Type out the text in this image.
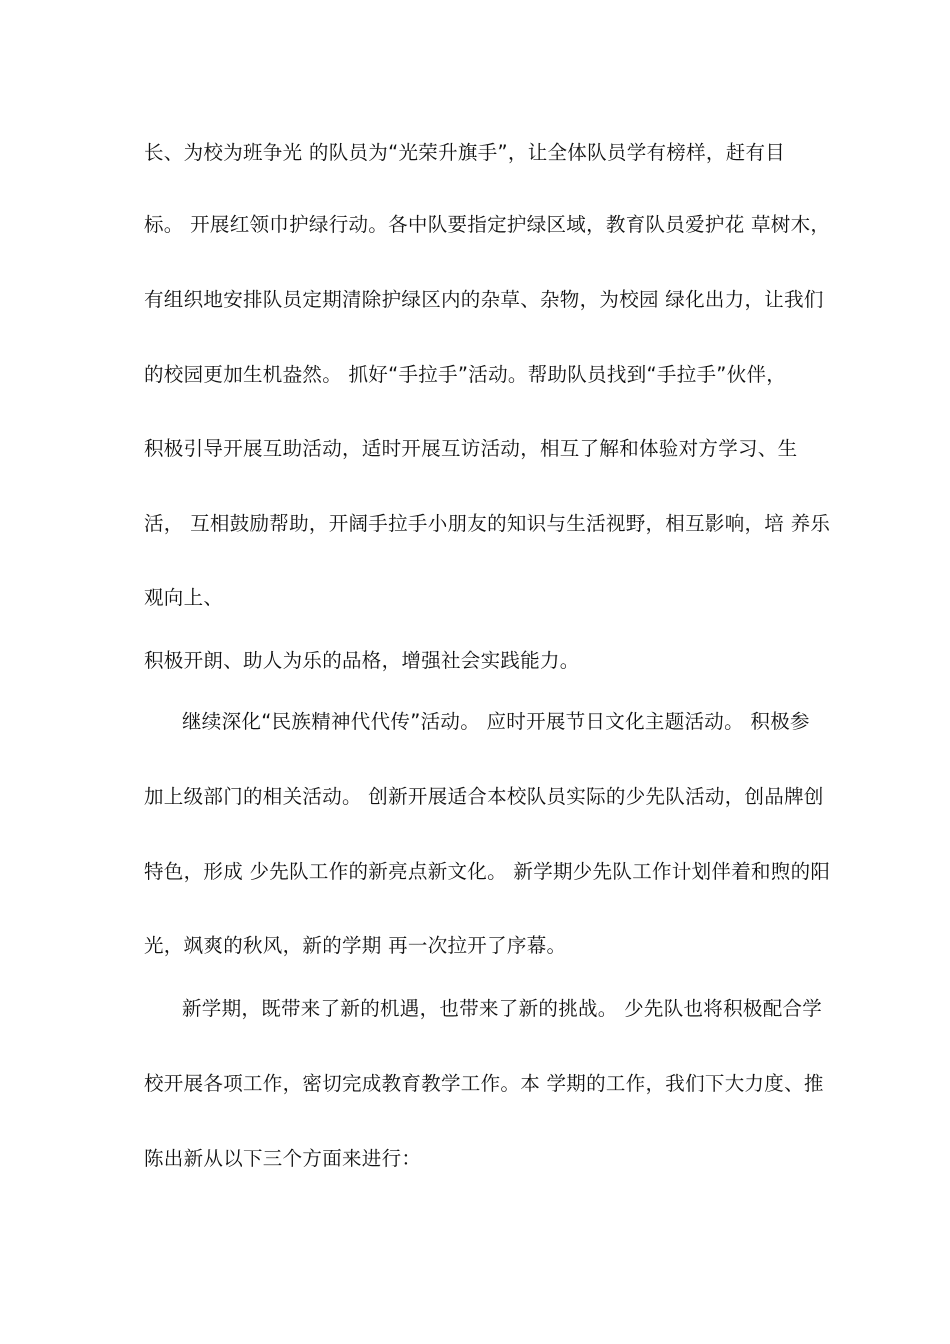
长、为校为班争光 的队员为“光荣升旗手”，让全体队员学有榜样，赶有目
标。 开展红领巾护绿行动。各中队要指定护绿区域，教育队员爱护花 草树木，
有组织地安排队员定期清除护绿区内的杂草、杂物，为校园 绿化出力，让我们
的校园更加生机盎然。 抓好“手拉手”活动。帮助队员找到“手拉手”伙伴，
积极引导开展互助活动，适时开展互访活动，相互了解和体验对方学习、生
活， 互相鼓励帮助，开阔手拉手小朋友的知识与生活视野，相互影响，培 养乐
观向上、
积极开朗、助人为乐的品格，增强社会实践能力。
继续深化“民族精神代代传”活动。 应时开展节日文化主题活动。 积极参
加上级部门的相关活动。 创新开展适合本校队员实际的少先队活动，创品牌创
特色，形成 少先队工作的新亮点新文化。 新学期少先队工作计划伴着和煦的阳
光，飒爽的秋风，新的学期 再一次拉开了序幕。
新学期，既带来了新的机遇，也带来了新的挑战。 少先队也将积极配合学
校开展各项工作，密切完成教育教学工作。本 学期的工作，我们下大力度、推
陈出新从以下三个方面来进行：
